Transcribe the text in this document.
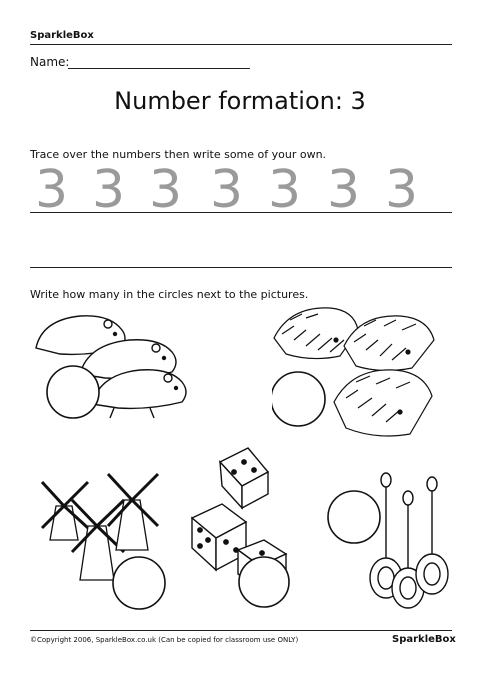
SparkleBox
Name:
Number formation: 3
Trace over the numbers then write some of your own.
3 3 3 3 3 3 3
Write how many in the circles next to the pictures.
©Copyright 2006, SparkleBox.co.uk (Can be copied for classroom use ONLY)	SparkleBox
